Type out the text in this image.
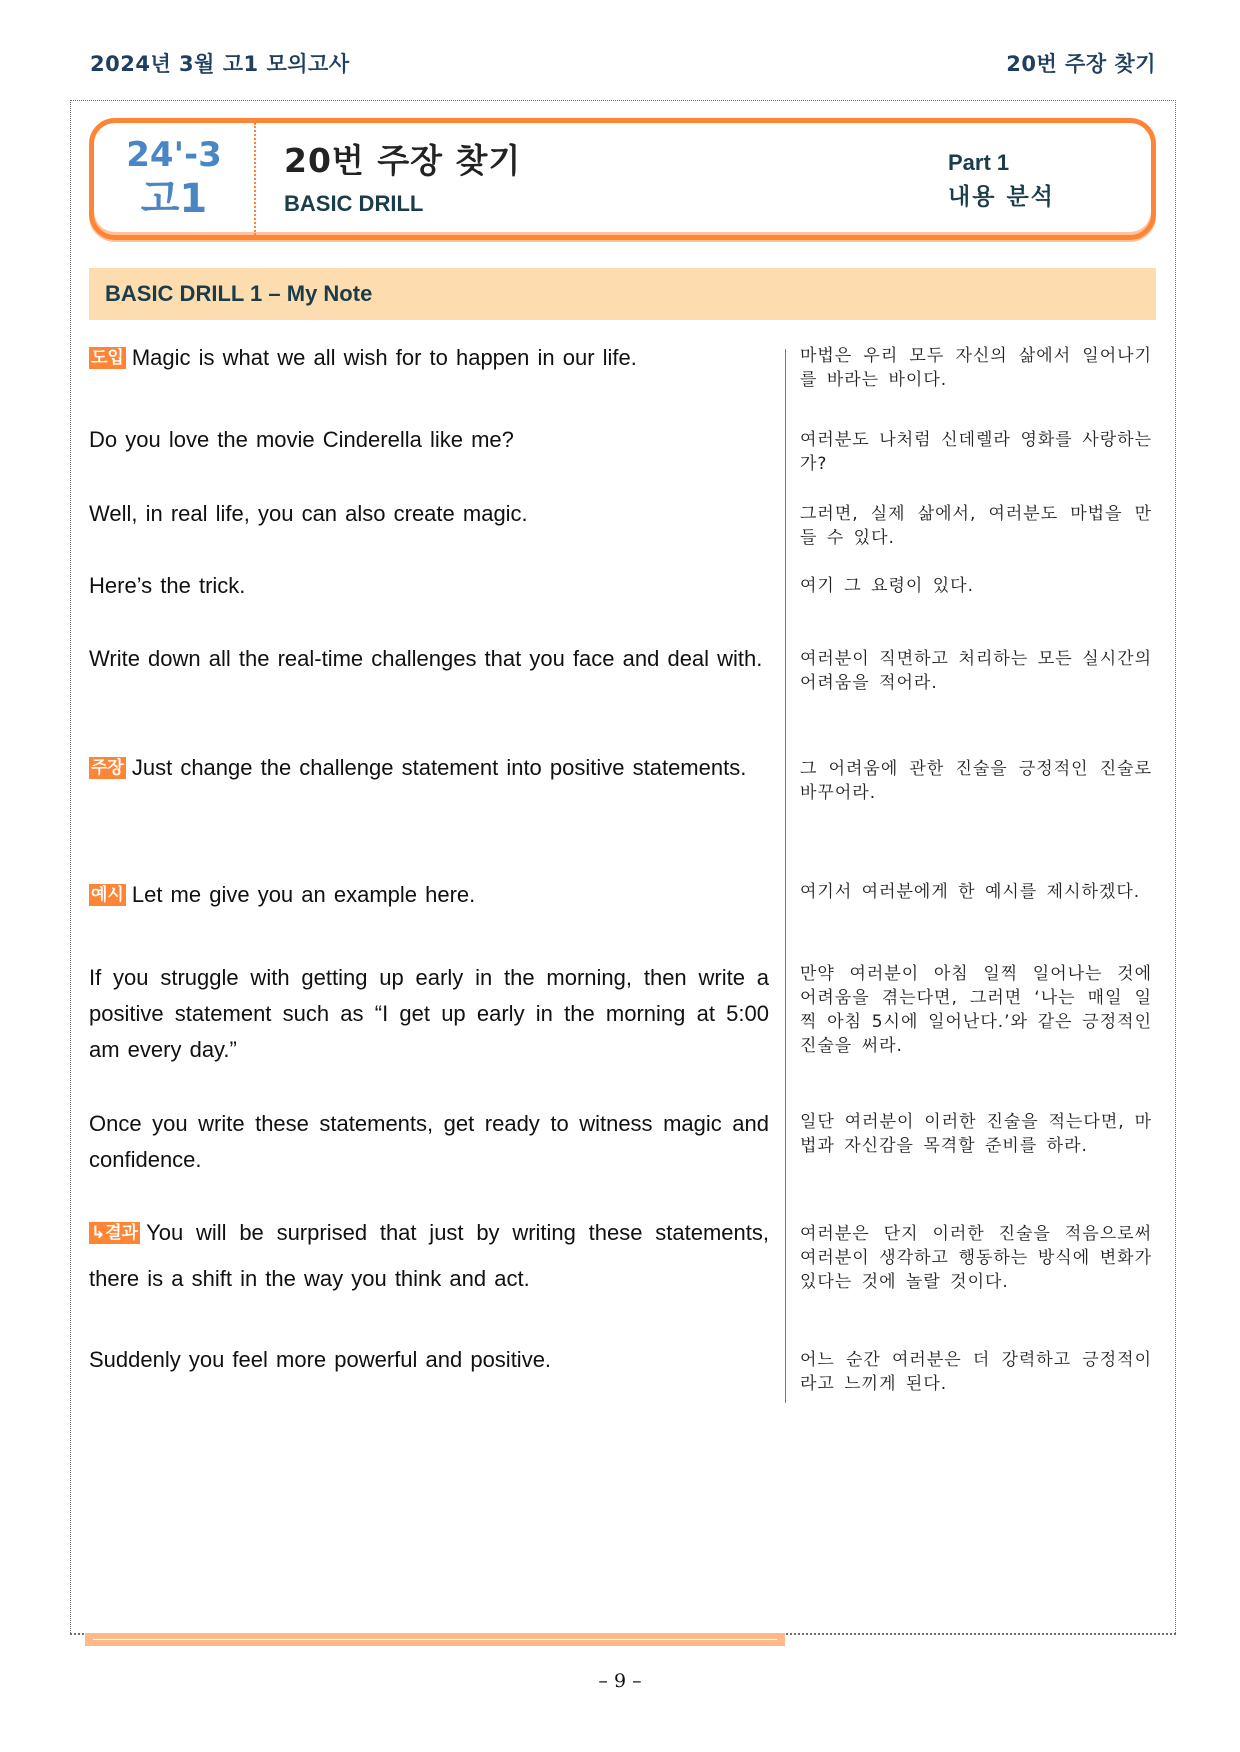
2024년 3월 고1 모의고사	20번 주장 찾기
24'-3
고1
20번 주장 찾기
BASIC DRILL
Part 1
내용 분석
BASIC DRILL 1 – My Note
도입 Magic is what we all wish for to happen in our life.
Do you love the movie Cinderella like me?
Well, in real life, you can also create magic.
Here’s the trick.
Write down all the real-time challenges that you face and deal with.
주장 Just change the challenge statement into positive statements.
예시 Let me give you an example here.
If you struggle with getting up early in the morning, then write a positive statement such as “I get up early in the morning at 5:00 am every day.”
Once you write these statements, get ready to witness magic and confidence.
↳결과 You will be surprised that just by writing these statements, there is a shift in the way you think and act.
Suddenly you feel more powerful and positive.
마법은 우리 모두 자신의 삶에서 일어나기를 바라는 바이다.
여러분도 나처럼 신데렐라 영화를 사랑하는가?
그러면, 실제 삶에서, 여러분도 마법을 만들 수 있다.
여기 그 요령이 있다.
여러분이 직면하고 처리하는 모든 실시간의 어려움을 적어라.
그 어려움에 관한 진술을 긍정적인 진술로 바꾸어라.
여기서 여러분에게 한 예시를 제시하겠다.
만약 여러분이 아침 일찍 일어나는 것에 어려움을 겪는다면, 그러면 ‘나는 매일 일찍 아침 5시에 일어난다.’와 같은 긍정적인 진술을 써라.
일단 여러분이 이러한 진술을 적는다면, 마법과 자신감을 목격할 준비를 하라.
여러분은 단지 이러한 진술을 적음으로써 여러분이 생각하고 행동하는 방식에 변화가 있다는 것에 놀랄 것이다.
어느 순간 여러분은 더 강력하고 긍정적이라고 느끼게 된다.
– 9 –
